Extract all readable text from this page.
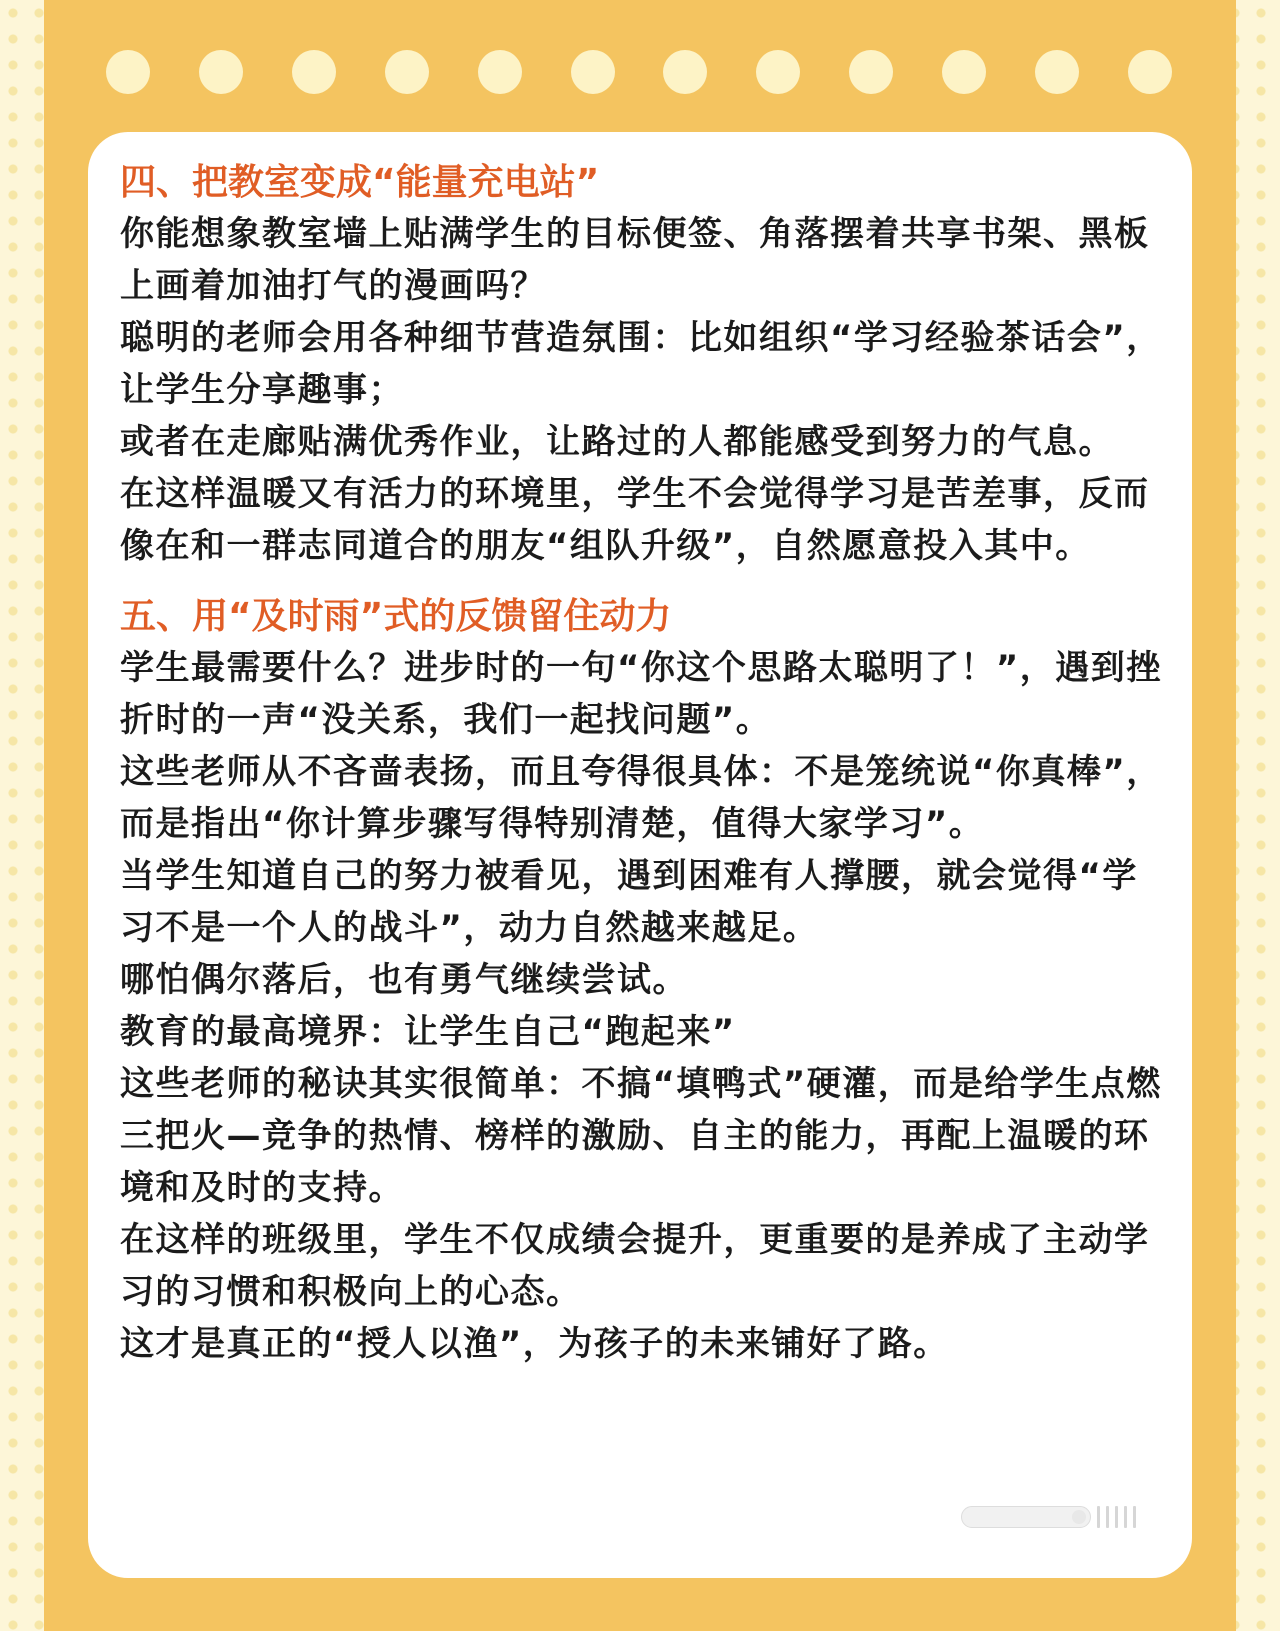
四、把教室变成“能量充电站”

你能想象教室墙上贴满学生的目标便签、角落摆着共享书架、黑板上画着加油打气的漫画吗？

聪明的老师会用各种细节营造氛围：比如组织“学习经验茶话会”，让学生分享趣事；

或者在走廊贴满优秀作业，让路过的人都能感受到努力的气息。

在这样温暖又有活力的环境里，学生不会觉得学习是苦差事，反而像在和一群志同道合的朋友“组队升级”，自然愿意投入其中。

五、用“及时雨”式的反馈留住动力

学生最需要什么？进步时的一句“你这个思路太聪明了！”，遇到挫折时的一声“没关系，我们一起找问题”。

这些老师从不吝啬表扬，而且夸得很具体：不是笼统说“你真棒”，而是指出“你计算步骤写得特别清楚，值得大家学习”。

当学生知道自己的努力被看见，遇到困难有人撑腰，就会觉得“学习不是一个人的战斗”，动力自然越来越足。

哪怕偶尔落后，也有勇气继续尝试。

教育的最高境界：让学生自己“跑起来”

这些老师的秘诀其实很简单：不搞“填鸭式”硬灌，而是给学生点燃三把火—竞争的热情、榜样的激励、自主的能力，再配上温暖的环境和及时的支持。

在这样的班级里，学生不仅成绩会提升，更重要的是养成了主动学习的习惯和积极向上的心态。

这才是真正的“授人以渔”，为孩子的未来铺好了路。
